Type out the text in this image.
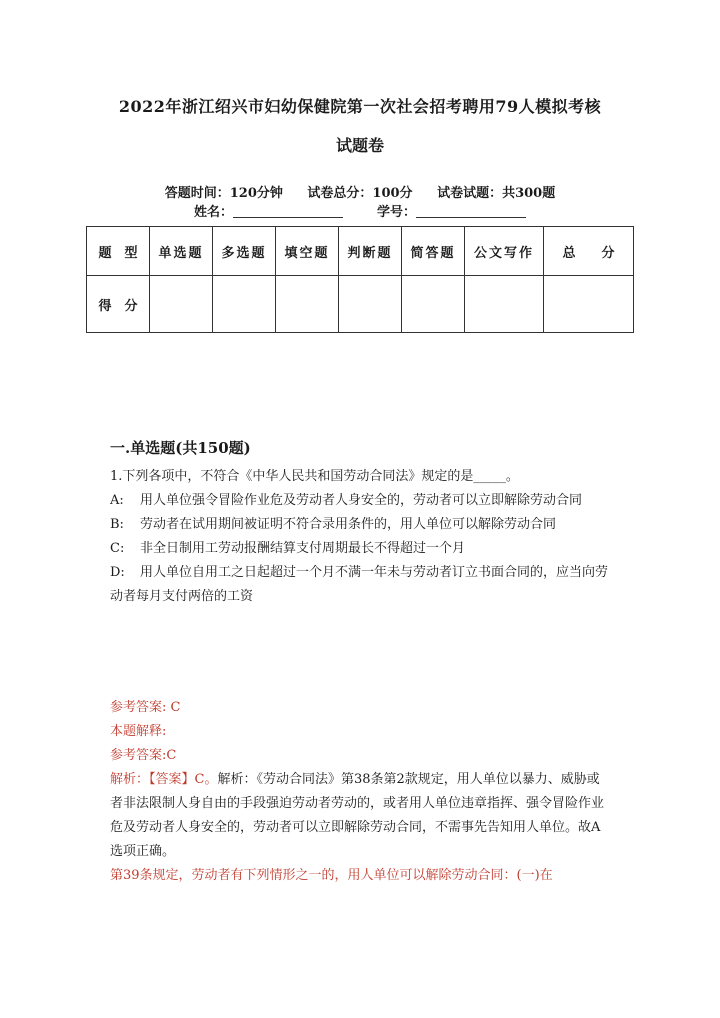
2022年浙江绍兴市妇幼保健院第一次社会招考聘用79人模拟考核
试题卷
答题时间：120分钟 试卷总分：100分 试卷试题：共300题
姓名：	学号：
题　型	单选题	多选题	填空题	判断题	简答题	公文写作	总　　分
得　分							
一.单选题(共150题)

1.下列各项中，不符合《中华人民共和国劳动合同法》规定的是_____。

A: 用人单位强令冒险作业危及劳动者人身安全的，劳动者可以立即解除劳动合同

B: 劳动者在试用期间被证明不符合录用条件的，用人单位可以解除劳动合同

C: 非全日制用工劳动报酬结算支付周期最长不得超过一个月

D: 用人单位自用工之日起超过一个月不满一年未与劳动者订立书面合同的，应当向劳动者每月支付两倍的工资

参考答案: C

本题解释:

参考答案:C

解析：【答案】C。解析：《劳动合同法》第38条第2款规定，用人单位以暴力、威胁或者非法限制人身自由的手段强迫劳动者劳动的，或者用人单位违章指挥、强令冒险作业危及劳动者人身安全的，劳动者可以立即解除劳动合同，不需事先告知用人单位。故A选项正确。

第39条规定，劳动者有下列情形之一的，用人单位可以解除劳动合同：(一)在
